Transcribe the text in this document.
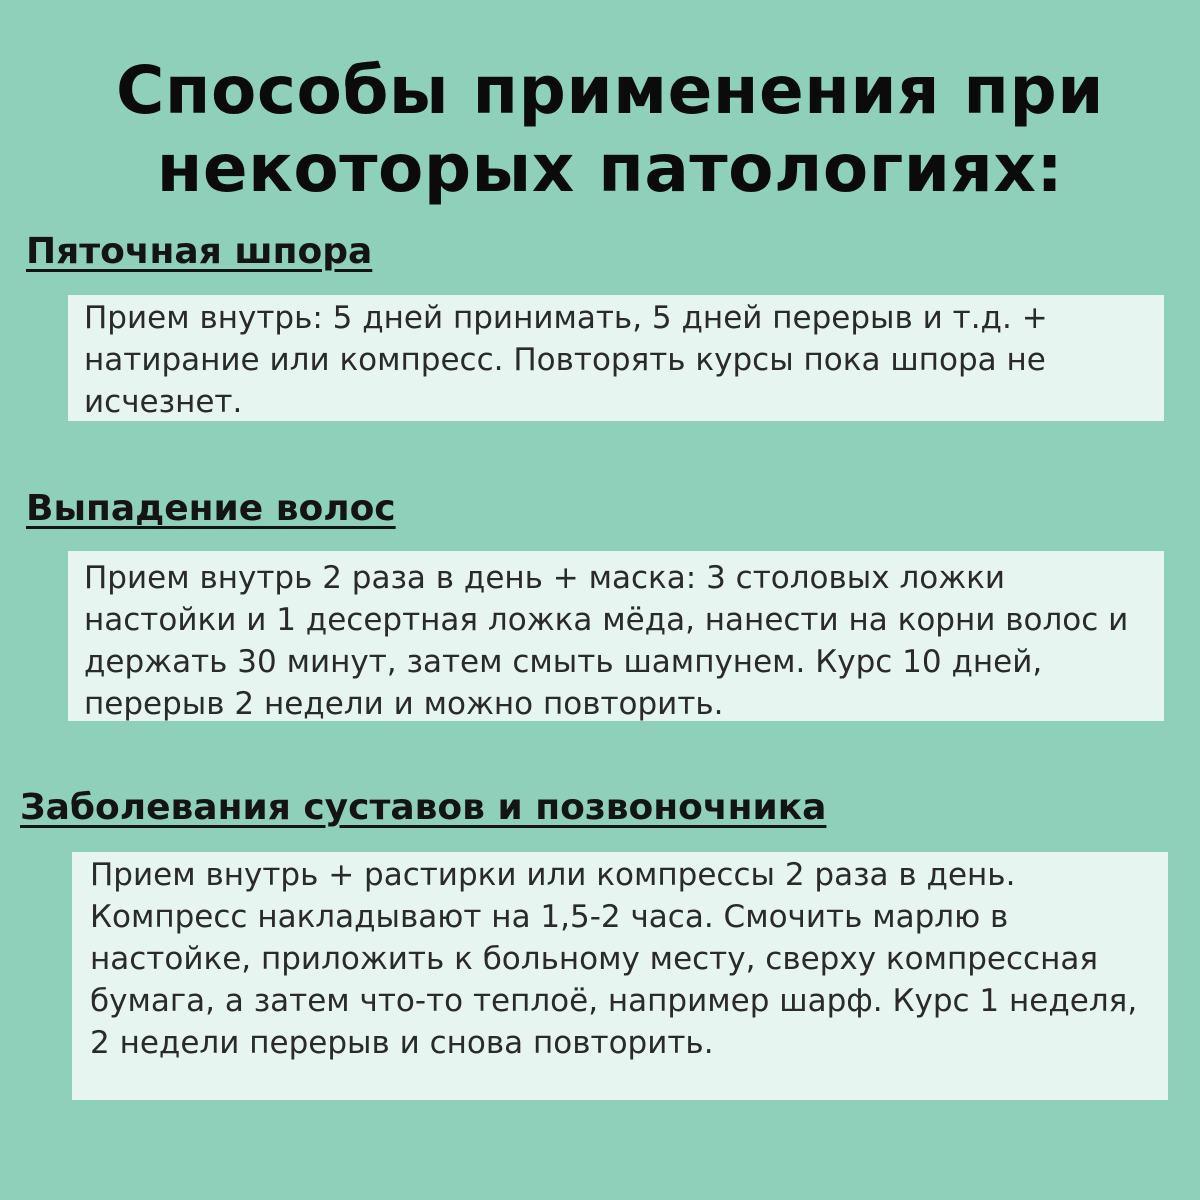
Способы применения при
некоторых патологиях:
Пяточная шпора

Прием внутрь: 5 дней принимать, 5 дней перерыв и т.д. + натирание или компресс. Повторять курсы пока шпора не исчезнет.

Выпадение волос

Прием внутрь 2 раза в день + маска: 3 столовых ложки настойки и 1 десертная ложка мёда, нанести на корни волос и держать 30 минут, затем смыть шампунем. Курс 10 дней, перерыв 2 недели и можно повторить.

Заболевания суставов и позвоночника

Прием внутрь + растирки или компрессы 2 раза в день. Компресс накладывают на 1,5-2 часа. Смочить марлю в настойке, приложить к больному месту, сверху компрессная бумага, а затем что-то теплоё, например шарф. Курс 1 неделя, 2 недели перерыв и снова повторить.
